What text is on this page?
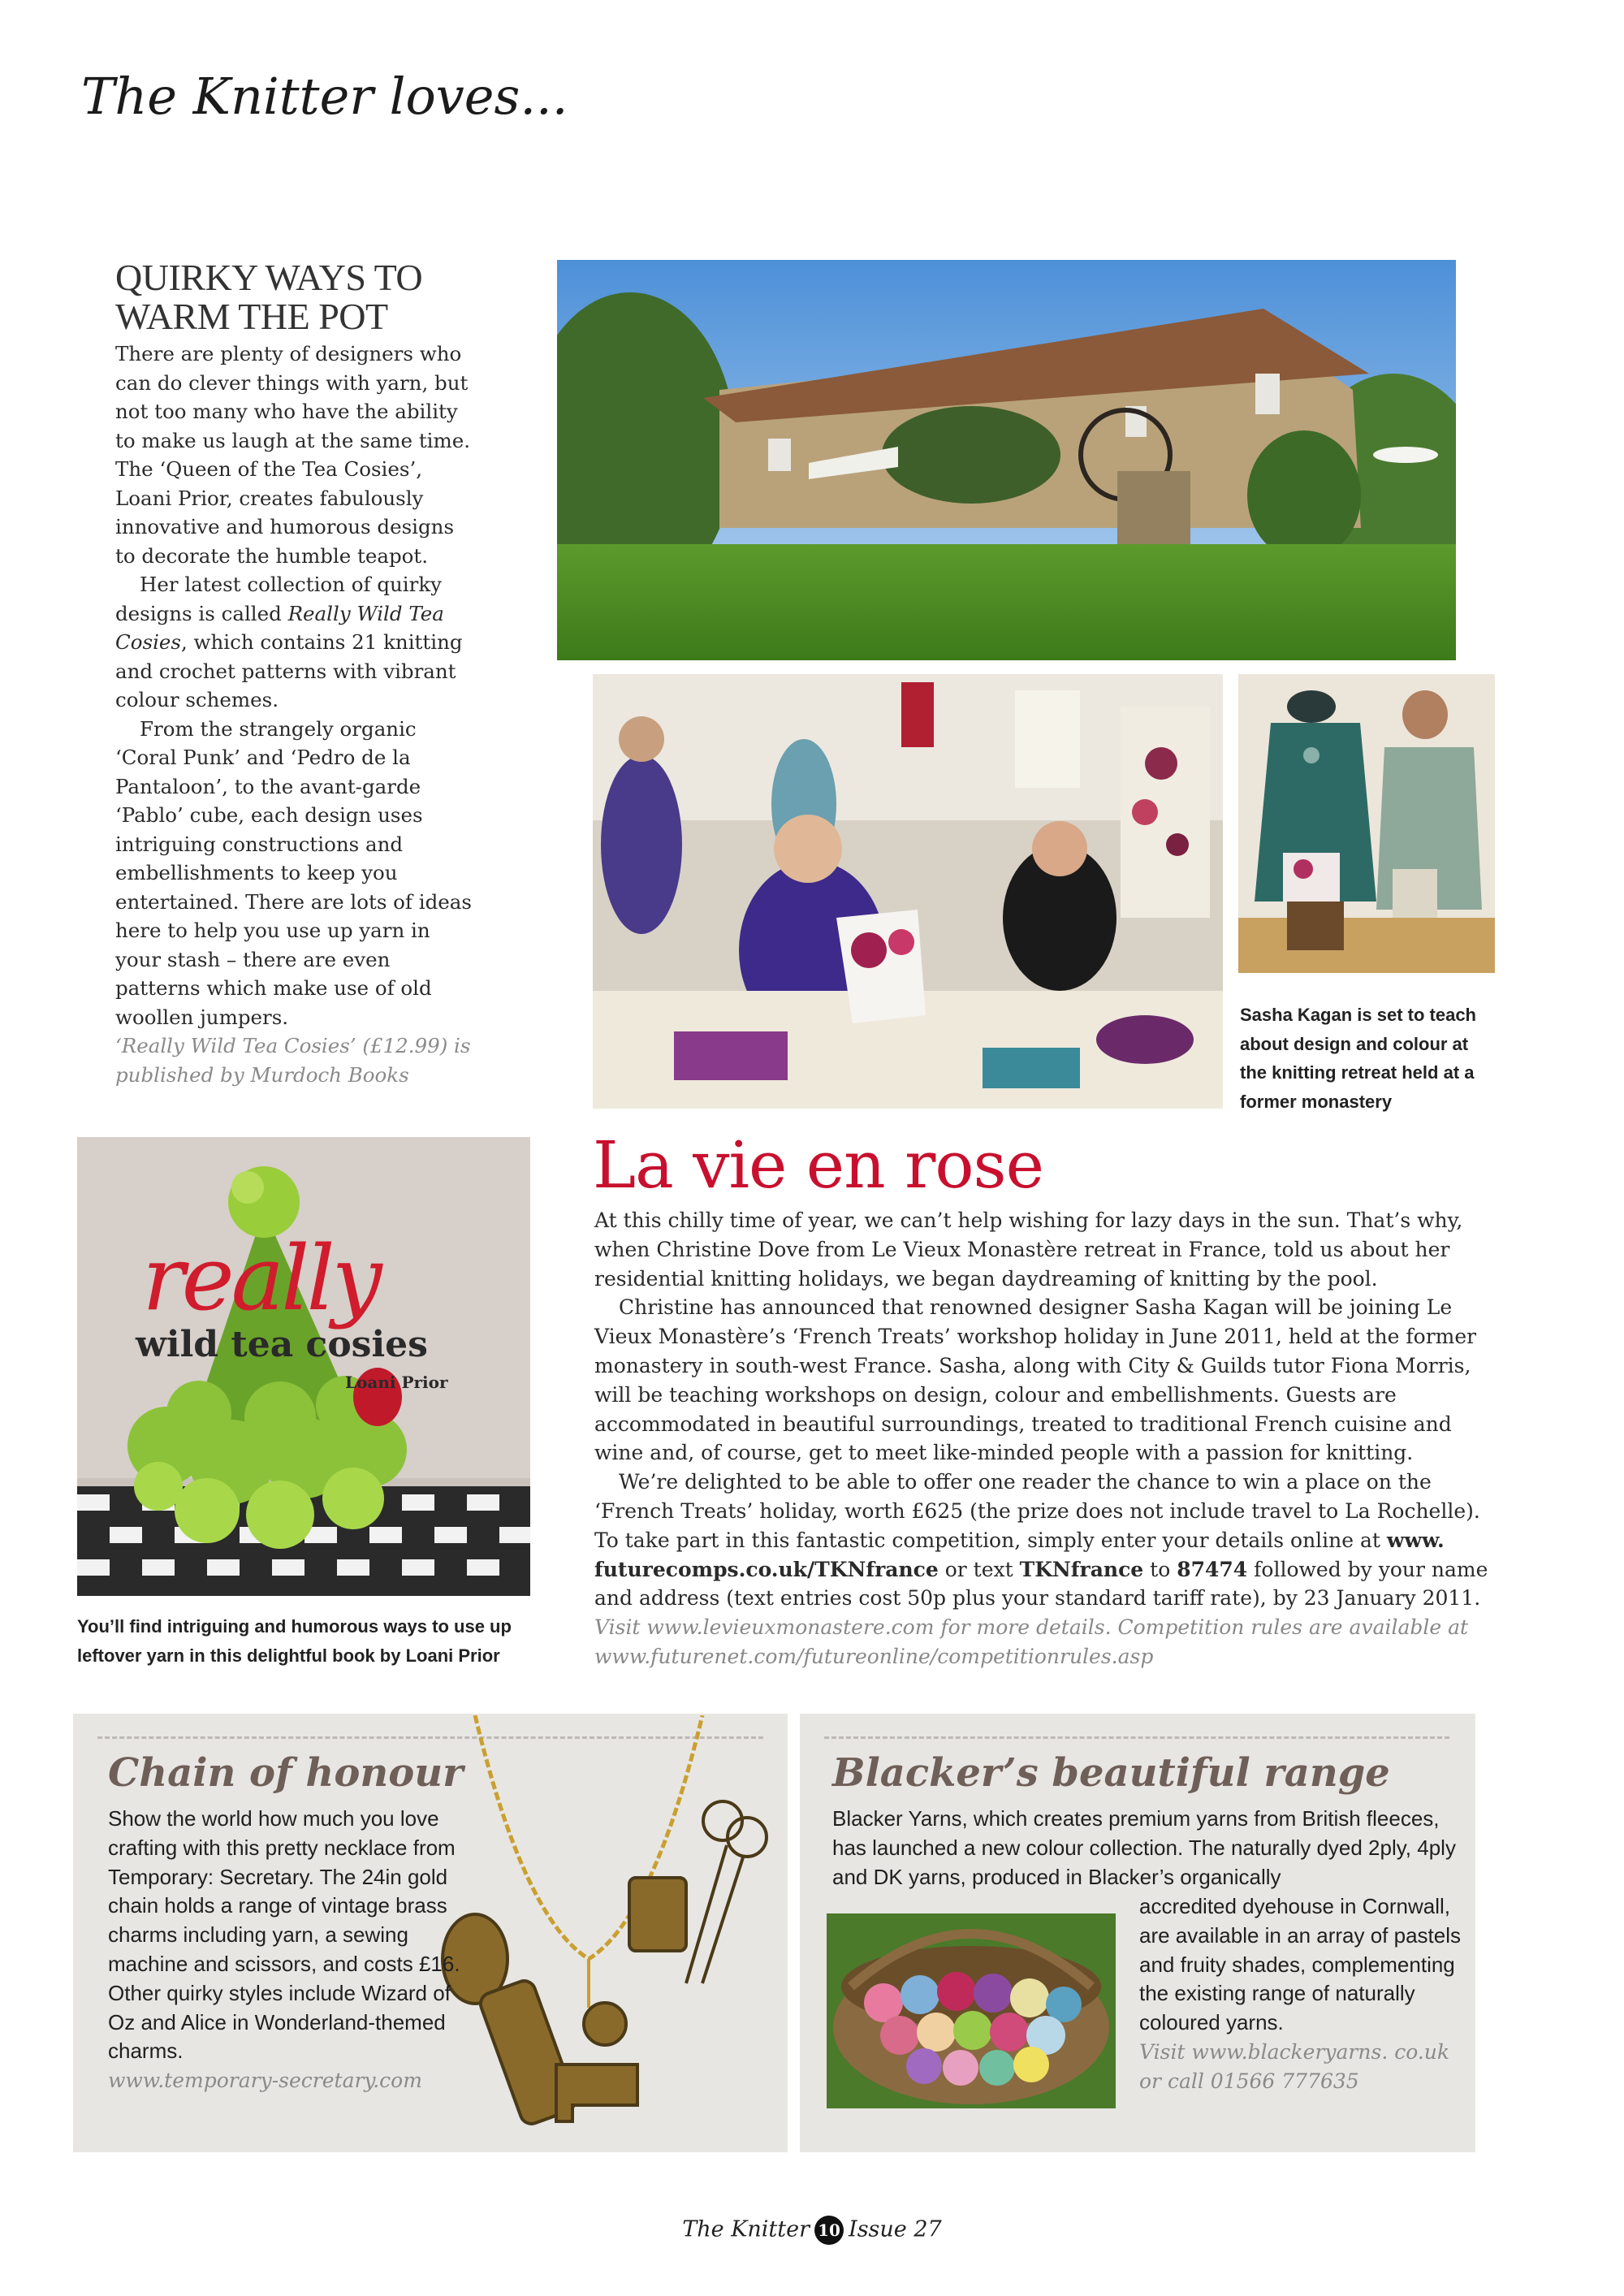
The Knitter loves...
QUIRKY WAYS TO WARM THE POT

There are plenty of designers who can do clever things with yarn, but not too many who have the ability to make us laugh at the same time. The ‘Queen of the Tea Cosies’, Loani Prior, creates fabulously innovative and humorous designs to decorate the humble teapot.

Her latest collection of quirky designs is called Really Wild Tea Cosies, which contains 21 knitting and crochet patterns with vibrant colour schemes.

From the strangely organic ‘Coral Punk’ and ‘Pedro de la Pantaloon’, to the avant-garde ‘Pablo’ cube, each design uses intriguing constructions and embellishments to keep you entertained. There are lots of ideas here to help you use up yarn in your stash – there are even patterns which make use of old woollen jumpers.

‘Really Wild Tea Cosies’ (£12.99) is published by Murdoch Books

Sasha Kagan is set to teach about design and colour at the knitting retreat held at a former monastery
really
wild tea cosies
Loani Prior
You’ll find intriguing and humorous ways to use up leftover yarn in this delightful book by Loani Prior
La vie en rose

At this chilly time of year, we can’t help wishing for lazy days in the sun. That’s why, when Christine Dove from Le Vieux Monastère retreat in France, told us about her residential knitting holidays, we began daydreaming of knitting by the pool.

Christine has announced that renowned designer Sasha Kagan will be joining Le Vieux Monastère’s ‘French Treats’ workshop holiday in June 2011, held at the former monastery in south-west France. Sasha, along with City & Guilds tutor Fiona Morris, will be teaching workshops on design, colour and embellishments. Guests are accommodated in beautiful surroundings, treated to traditional French cuisine and wine and, of course, get to meet like-minded people with a passion for knitting.

We’re delighted to be able to offer one reader the chance to win a place on the ‘French Treats’ holiday, worth £625 (the prize does not include travel to La Rochelle). To take part in this fantastic competition, simply enter your details online at www. futurecomps.co.uk/TKNfrance or text TKNfrance to 87474 followed by your name and address (text entries cost 50p plus your standard tariff rate), by 23 January 2011.

Visit www.levieuxmonastere.com for more details. Competition rules are available at www.futurenet.com/futureonline/competitionrules.asp

Chain of honour

Show the world how much you love crafting with this pretty necklace from Temporary: Secretary. The 24in gold chain holds a range of vintage brass charms including yarn, a sewing machine and scissors, and costs £16.

Other quirky styles include Wizard of Oz and Alice in Wonderland-themed charms.

www.temporary-secretary.com

Blacker’s beautiful range
Blacker Yarns, which creates premium yarns from British fleeces, has launched a new colour collection. The naturally dyed 2ply, 4ply and DK yarns, produced in Blacker’s organically

accredited dyehouse in Cornwall, are available in an array of pastels and fruity shades, complementing the existing range of naturally coloured yarns.

Visit www.blackeryarns. co.uk or call 01566 777635

The Knitter 10 Issue 27
